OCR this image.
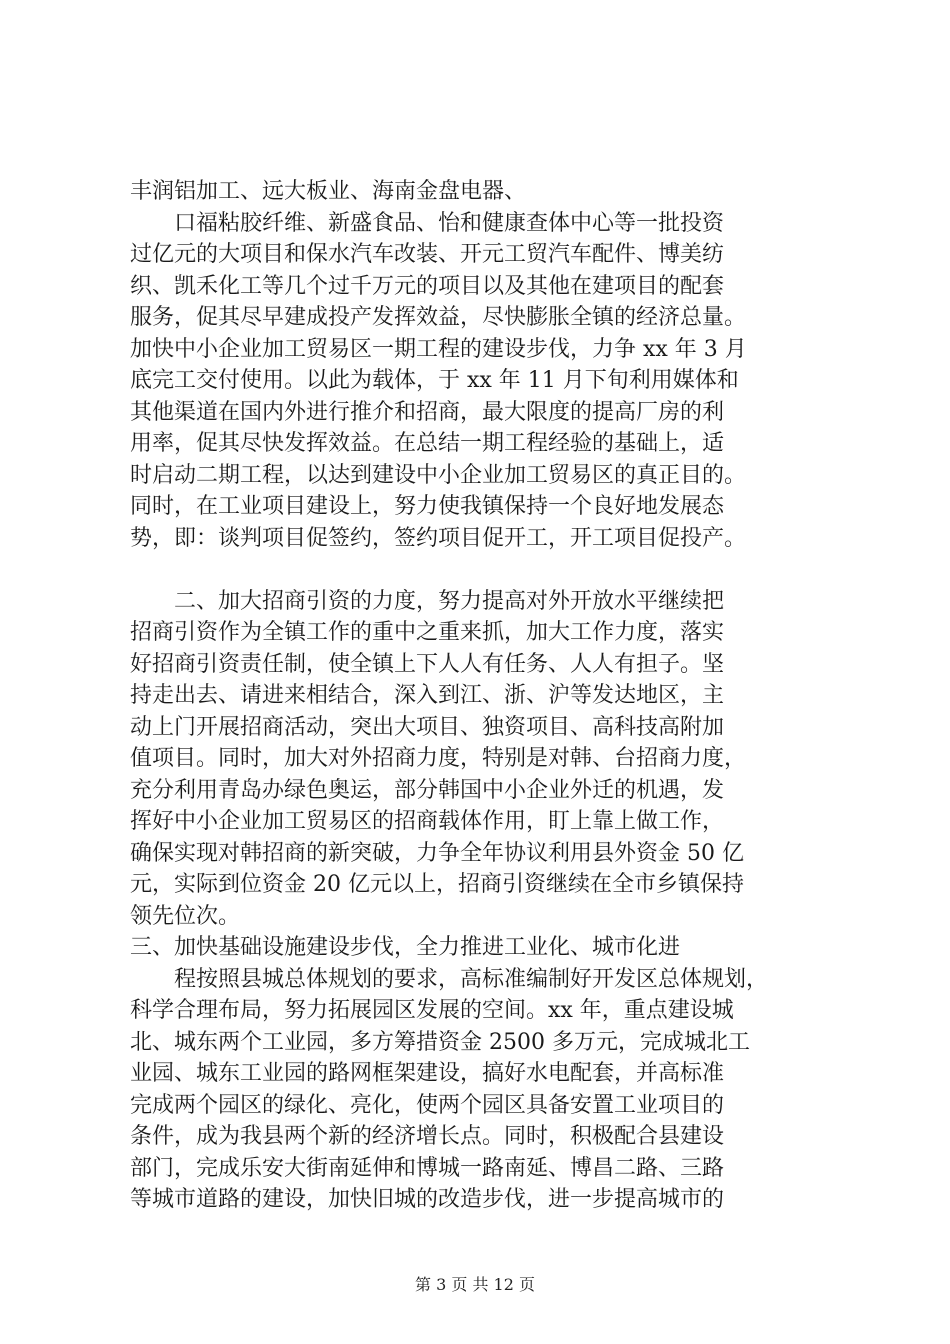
丰润铝加工、远大板业、海南金盘电器、
口福粘胶纤维、新盛食品、怡和健康查体中心等一批投资
过亿元的大项目和保水汽车改装、开元工贸汽车配件、博美纺
织、凯禾化工等几个过千万元的项目以及其他在建项目的配套
服务，促其尽早建成投产发挥效益，尽快膨胀全镇的经济总量。
加快中小企业加工贸易区一期工程的建设步伐，力争 xx 年 3 月
底完工交付使用。以此为载体，于 xx 年 11 月下旬利用媒体和
其他渠道在国内外进行推介和招商，最大限度的提高厂房的利
用率，促其尽快发挥效益。在总结一期工程经验的基础上，适
时启动二期工程，以达到建设中小企业加工贸易区的真正目的。
同时，在工业项目建设上，努力使我镇保持一个良好地发展态
势，即：谈判项目促签约，签约项目促开工，开工项目促投产。
二、加大招商引资的力度，努力提高对外开放水平继续把
招商引资作为全镇工作的重中之重来抓，加大工作力度，落实
好招商引资责任制，使全镇上下人人有任务、人人有担子。坚
持走出去、请进来相结合，深入到江、浙、沪等发达地区，主
动上门开展招商活动，突出大项目、独资项目、高科技高附加
值项目。同时，加大对外招商力度，特别是对韩、台招商力度，
充分利用青岛办绿色奥运，部分韩国中小企业外迁的机遇，发
挥好中小企业加工贸易区的招商载体作用，盯上靠上做工作，
确保实现对韩招商的新突破，力争全年协议利用县外资金 50 亿
元，实际到位资金 20 亿元以上，招商引资继续在全市乡镇保持
领先位次。
三、加快基础设施建设步伐，全力推进工业化、城市化进
程按照县城总体规划的要求，高标准编制好开发区总体规划，
科学合理布局，努力拓展园区发展的空间。xx 年，重点建设城
北、城东两个工业园，多方筹措资金 2500 多万元，完成城北工
业园、城东工业园的路网框架建设，搞好水电配套，并高标准
完成两个园区的绿化、亮化，使两个园区具备安置工业项目的
条件，成为我县两个新的经济增长点。同时，积极配合县建设
部门，完成乐安大街南延伸和博城一路南延、博昌二路、三路
等城市道路的建设，加快旧城的改造步伐，进一步提高城市的
第 3 页 共 12 页
